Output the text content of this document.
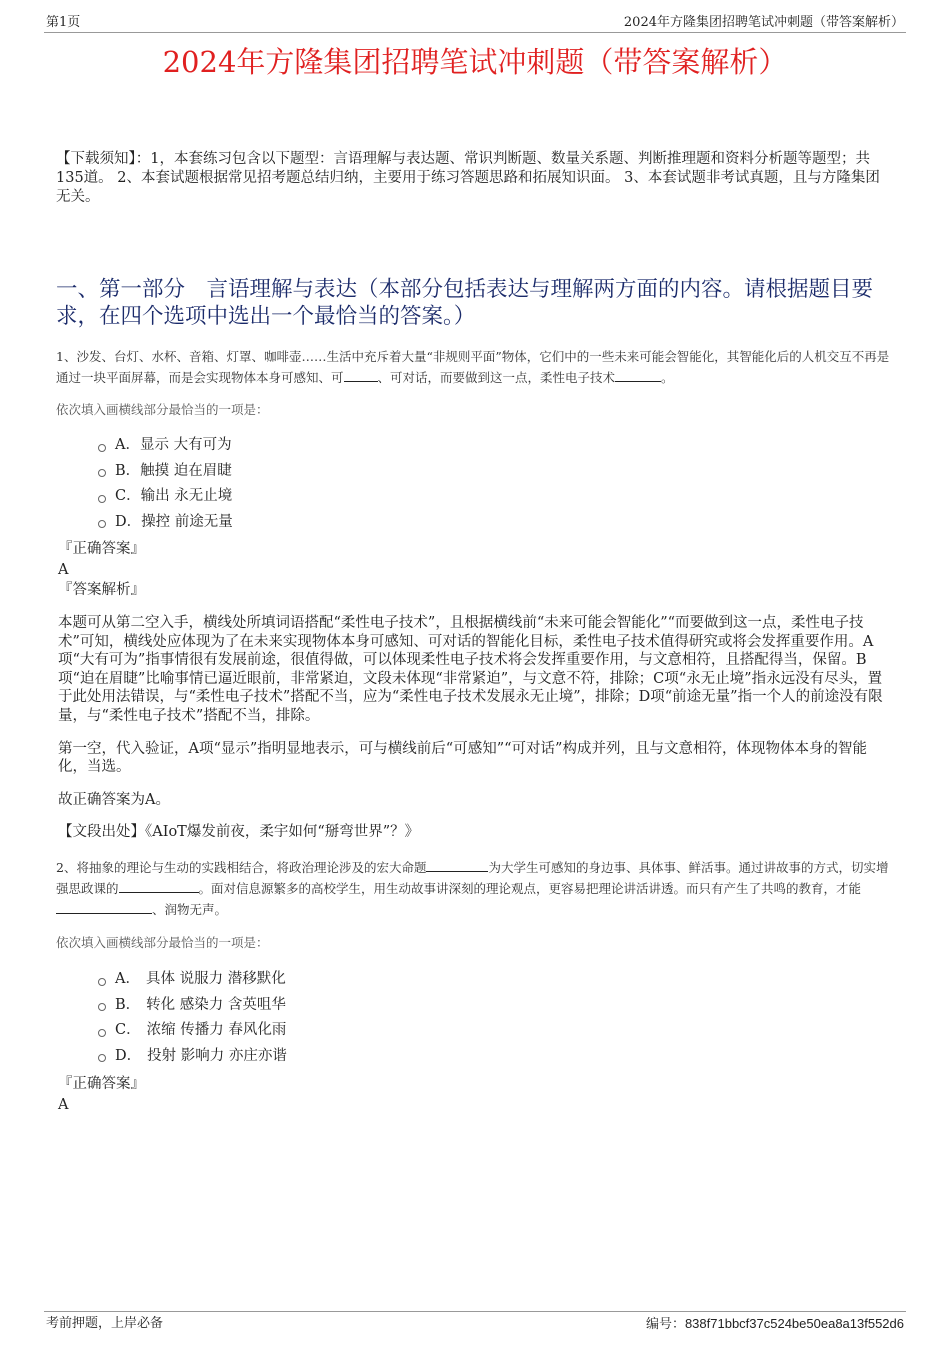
第1页	2024年方隆集团招聘笔试冲刺题（带答案解析）
2024年方隆集团招聘笔试冲刺题（带答案解析）
【下载须知】：1，本套练习包含以下题型：言语理解与表达题、常识判断题、数量关系题、判断推理题和资料分析题等题型；共135道。 2、本套试题根据常见招考题总结归纳，主要用于练习答题思路和拓展知识面。 3、本套试题非考试真题，且与方隆集团无关。
一、第一部分　言语理解与表达（本部分包括表达与理解两方面的内容。请根据题目要求，在四个选项中选出一个最恰当的答案。）
1、沙发、台灯、水杯、音箱、灯罩、咖啡壶……生活中充斥着大量“非规则平面”物体，它们中的一些未来可能会智能化，其智能化后的人机交互不再是通过一块平面屏幕，而是会实现物体本身可感知、可	、可对话，而要做到这一点，柔性电子技术	。
依次填入画横线部分最恰当的一项是：
A． 显示 大有可为
B． 触摸 迫在眉睫
C． 输出 永无止境
D． 操控 前途无量
『正确答案』
A
『答案解析』

本题可从第二空入手，横线处所填词语搭配“柔性电子技术”，且根据横线前“未来可能会智能化”“而要做到这一点，柔性电子技术”可知，横线处应体现为了在未来实现物体本身可感知、可对话的智能化目标，柔性电子技术值得研究或将会发挥重要作用。A项“大有可为”指事情很有发展前途，很值得做，可以体现柔性电子技术将会发挥重要作用，与文意相符，且搭配得当，保留。B项“迫在眉睫”比喻事情已逼近眼前，非常紧迫，文段未体现“非常紧迫”，与文意不符，排除；C项“永无止境”指永远没有尽头，置于此处用法错误，与“柔性电子技术”搭配不当，应为“柔性电子技术发展永无止境”，排除；D项“前途无量”指一个人的前途没有限量，与“柔性电子技术”搭配不当，排除。

第一空，代入验证，A项“显示”指明显地表示，可与横线前后“可感知”“可对话”构成并列，且与文意相符，体现物体本身的智能化，当选。

故正确答案为A。

【文段出处】《AIoT爆发前夜，柔宇如何“掰弯世界”？》

2、将抽象的理论与生动的实践相结合，将政治理论涉及的宏大命题	为大学生可感知的身边事、具体事、鲜活事。通过讲故事的方式，切实增强思政课的	。面对信息源繁多的高校学生，用生动故事讲深刻的理论观点，更容易把理论讲活讲透。而只有产生了共鸣的教育，才能、润物无声。
依次填入画横线部分最恰当的一项是：
A． 具体 说服力 潜移默化
B． 转化 感染力 含英咀华
C． 浓缩 传播力 春风化雨
D． 投射 影响力 亦庄亦谐
『正确答案』
A
考前押题，上岸必备	编号：838f71bbcf37c524be50ea8a13f552d6
